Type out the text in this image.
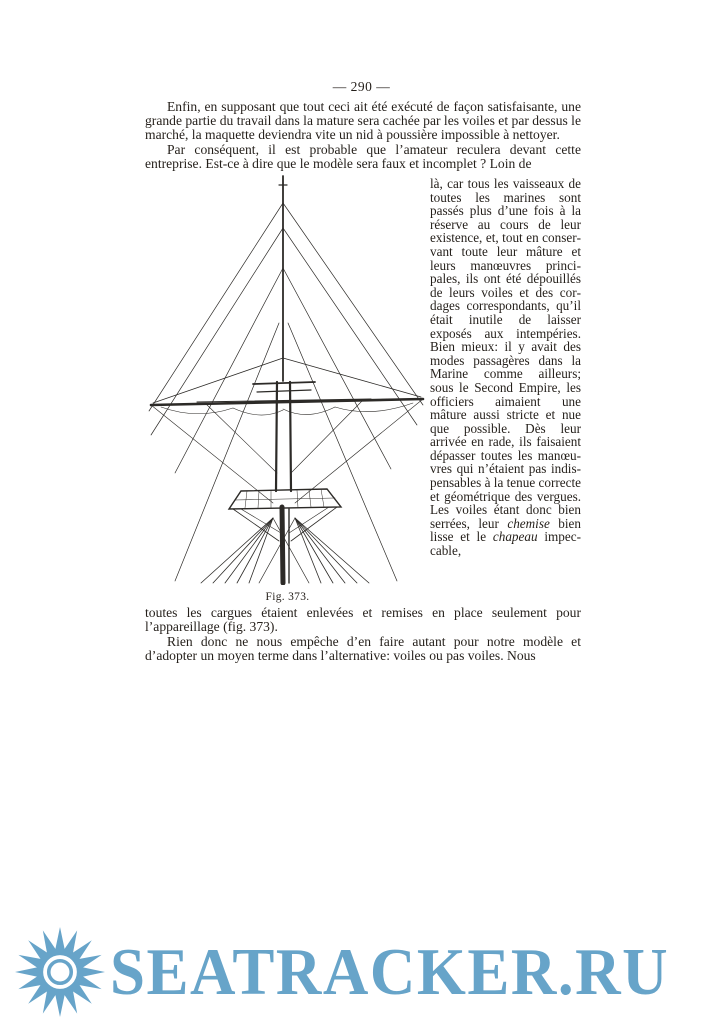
— 290 —

Enfin, en supposant que tout ceci ait été exécuté de façon satisfaisante, une grande partie du travail dans la mature sera cachée par les voiles et par dessus le marché, la maquette deviendra vite un nid à poussière impossible à nettoyer.

Par conséquent, il est probable que l’amateur reculera devant cette entreprise. Est-ce à dire que le modèle sera faux et incomplet ? Loin de

Fig. 373.

là, car tous les vaisseaux de toutes les marines sont passés plus d’une fois à la réserve au cours de leur existence, et, tout en conservant toute leur mâture et leurs manœuvres principales, ils ont été dépouillés de leurs voiles et des cordages correspondants, qu’il était inutile de laisser exposés aux intempéries. Bien mieux: il y avait des modes passagères dans la Marine comme ailleurs; sous le Second Empire, les officiers aimaient une mâture aussi stricte et nue que possible. Dès leur arrivée en rade, ils faisaient dépasser toutes les manœuvres qui n’étaient pas indispensables à la tenue correcte et géométrique des vergues. Les voiles étant donc bien serrées, leur chemise bien lisse et le chapeau impeccable,

toutes les cargues étaient enlevées et remises en place seulement pour l’appareillage (fig. 373).

Rien donc ne nous empêche d’en faire autant pour notre modèle et d’adopter un moyen terme dans l’alternative: voiles ou pas voiles. Nous

SEATRACKER.RU
